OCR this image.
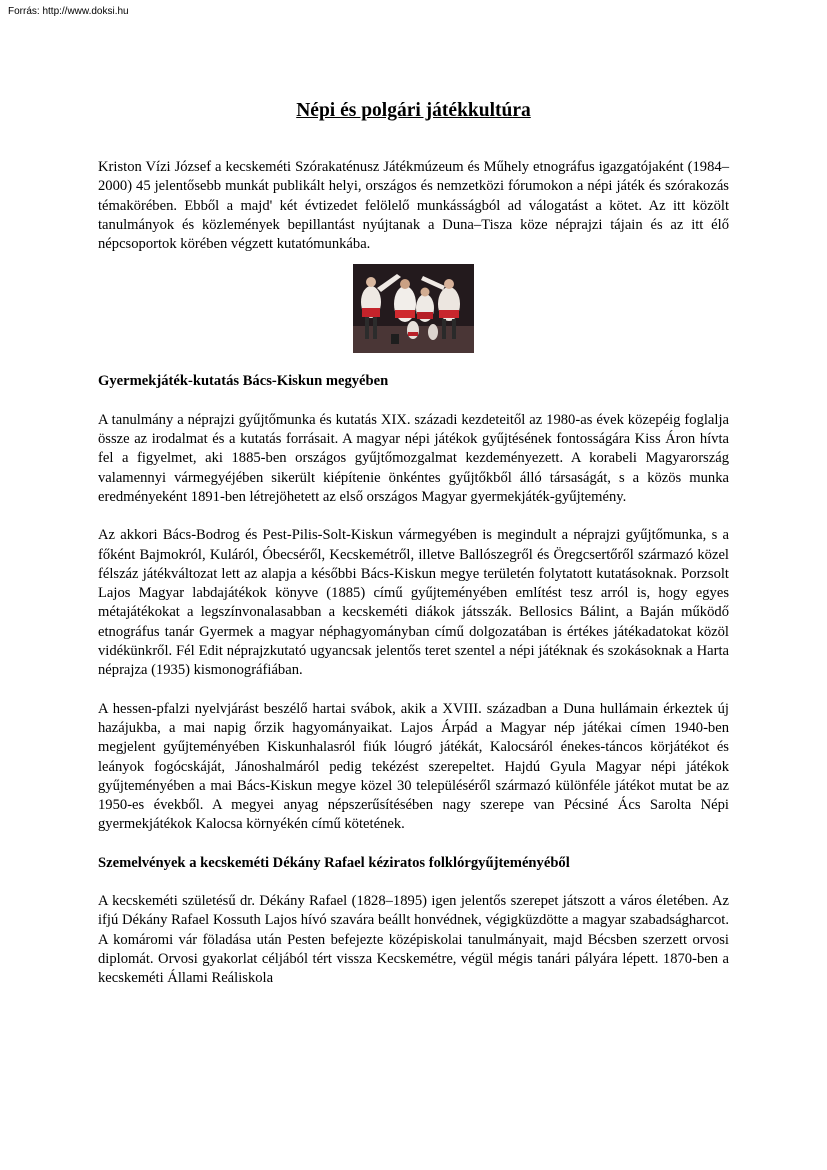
Forrás: http://www.doksi.hu
Népi és polgári játékkultúra

Kriston Vízi József a kecskeméti Szórakaténusz Játékmúzeum és Műhely etnográfus igazgatójaként (1984–2000) 45 jelentősebb munkát publikált helyi, országos és nemzetközi fórumokon a népi játék és szórakozás témakörében. Ebből a majd' két évtizedet felölelő munkásságból ad válogatást a kötet. Az itt közölt tanulmányok és közlemények bepillantást nyújtanak a Duna–Tisza köze néprajzi tájain és az itt élő népcsoportok körében végzett kutatómunkába.

Gyermekjáték-kutatás Bács-Kiskun megyében

A tanulmány a néprajzi gyűjtőmunka és kutatás XIX. századi kezdeteitől az 1980-as évek közepéig foglalja össze az irodalmat és a kutatás forrásait. A magyar népi játékok gyűjtésének fontosságára Kiss Áron hívta fel a figyelmet, aki 1885-ben országos gyűjtőmozgalmat kezdeményezett. A korabeli Magyarország valamennyi vármegyéjében sikerült kiépítenie önkéntes gyűjtőkből álló társaságát, s a közös munka eredményeként 1891-ben létrejöhetett az első országos Magyar gyermekjáték-gyűjtemény.

Az akkori Bács-Bodrog és Pest-Pilis-Solt-Kiskun vármegyében is megindult a néprajzi gyűjtőmunka, s a főként Bajmokról, Kuláról, Óbecséről, Kecskemétről, illetve Ballószegről és Öregcsertőről származó közel félszáz játékváltozat lett az alapja a későbbi Bács-Kiskun megye területén folytatott kutatásoknak. Porzsolt Lajos Magyar labdajátékok könyve (1885) című gyűjteményében említést tesz arról is, hogy egyes métajátékokat a legszínvonalasabban a kecskeméti diákok játsszák. Bellosics Bálint, a Baján működő etnográfus tanár Gyermek a magyar néphagyományban című dolgozatában is értékes játékadatokat közöl vidékünkről. Fél Edit néprajzkutató ugyancsak jelentős teret szentel a népi játéknak és szokásoknak a Harta néprajza (1935) kismonográfiában.

A hessen-pfalzi nyelvjárást beszélő hartai svábok, akik a XVIII. században a Duna hullámain érkeztek új hazájukba, a mai napig őrzik hagyományaikat. Lajos Árpád a Magyar nép játékai címen 1940-ben megjelent gyűjteményében Kiskunhalasról fiúk lóugró játékát, Kalocsáról énekes-táncos körjátékot és leányok fogócskáját, Jánoshalmáról pedig tekézést szerepeltet. Hajdú Gyula Magyar népi játékok gyűjteményében a mai Bács-Kiskun megye közel 30 településéről származó különféle játékot mutat be az 1950-es évekből. A megyei anyag népszerűsítésében nagy szerepe van Pécsiné Ács Sarolta Népi gyermekjátékok Kalocsa környékén című kötetének.

Szemelvények a kecskeméti Dékány Rafael kéziratos folklórgyűjteményéből

A kecskeméti születésű dr. Dékány Rafael (1828–1895) igen jelentős szerepet játszott a város életében. Az ifjú Dékány Rafael Kossuth Lajos hívó szavára beállt honvédnek, végigküzdötte a magyar szabadságharcot. A komáromi vár föladása után Pesten befejezte középiskolai tanulmányait, majd Bécsben szerzett orvosi diplomát. Orvosi gyakorlat céljából tért vissza Kecskemétre, végül mégis tanári pályára lépett. 1870-ben a kecskeméti Állami Reáliskola
